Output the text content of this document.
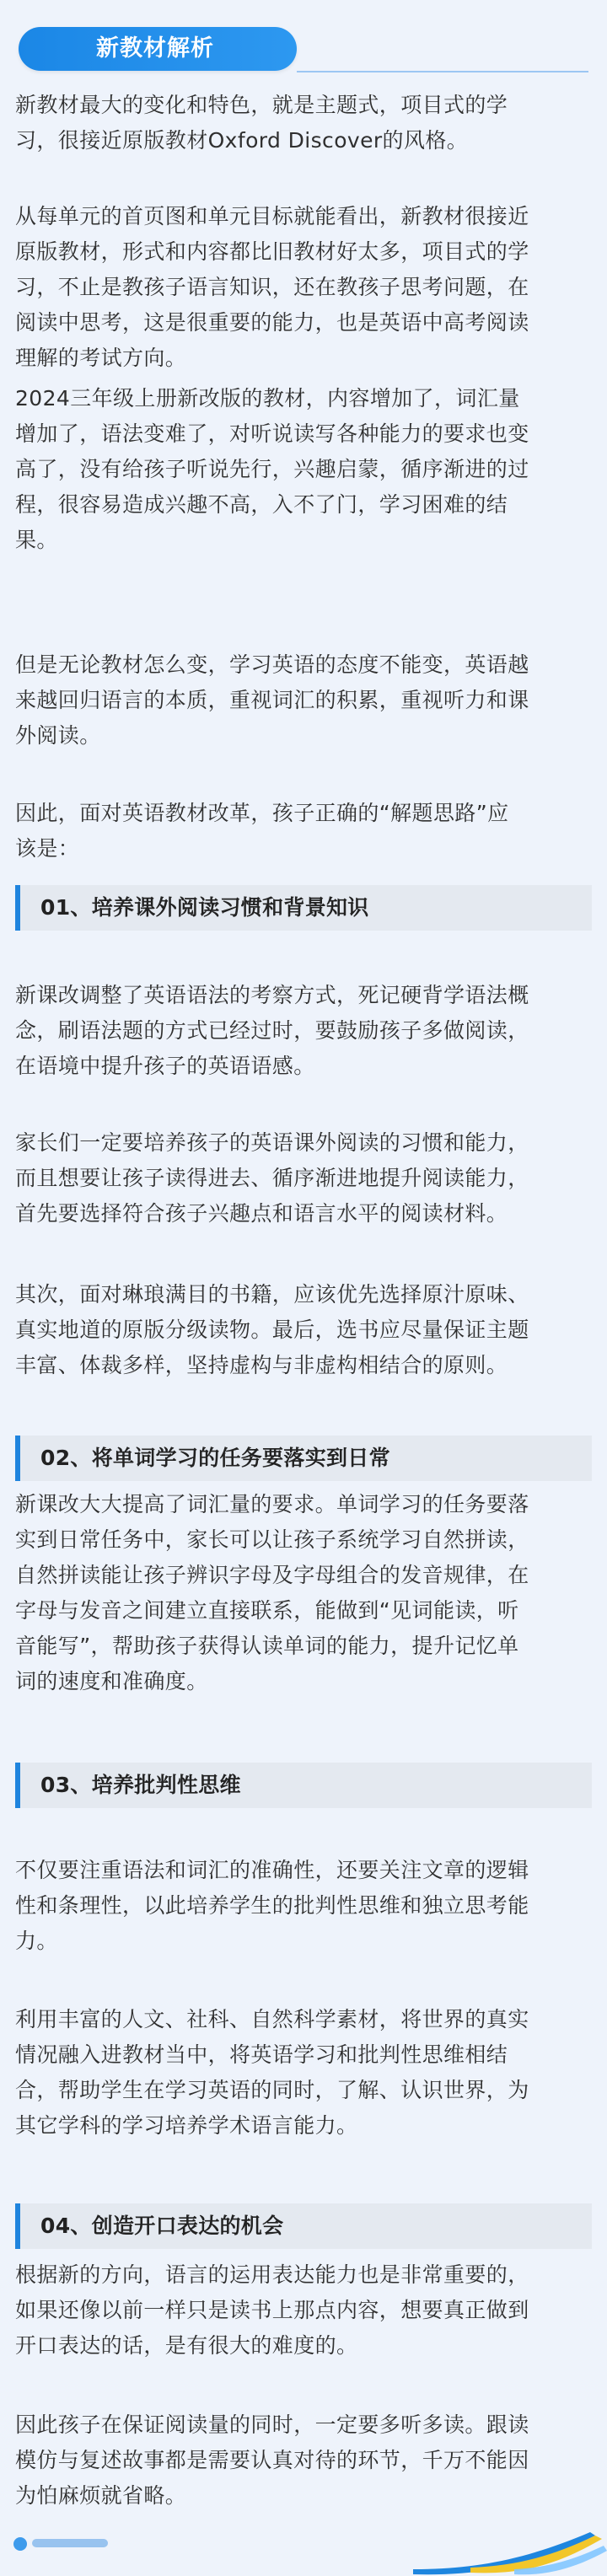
新教材解析
新教材最大的变化和特色，就是主题式，项目式的学
习，很接近原版教材Oxford Discover的风格。
从每单元的首页图和单元目标就能看出，新教材很接近
原版教材，形式和内容都比旧教材好太多，项目式的学
习，不止是教孩子语言知识，还在教孩子思考问题，在
阅读中思考，这是很重要的能力，也是英语中高考阅读
理解的考试方向。
2024三年级上册新改版的教材，内容增加了，词汇量
增加了，语法变难了，对听说读写各种能力的要求也变
高了，没有给孩子听说先行，兴趣启蒙，循序渐进的过
程，很容易造成兴趣不高，入不了门，学习困难的结
果。
但是无论教材怎么变，学习英语的态度不能变，英语越
来越回归语言的本质，重视词汇的积累，重视听力和课
外阅读。
因此，面对英语教材改革，孩子正确的“解题思路”应
该是：
01、培养课外阅读习惯和背景知识
新课改调整了英语语法的考察方式，死记硬背学语法概
念，刷语法题的方式已经过时，要鼓励孩子多做阅读，
在语境中提升孩子的英语语感。
家长们一定要培养孩子的英语课外阅读的习惯和能力，
而且想要让孩子读得进去、循序渐进地提升阅读能力，
首先要选择符合孩子兴趣点和语言水平的阅读材料。
其次，面对琳琅满目的书籍，应该优先选择原汁原味、
真实地道的原版分级读物。最后，选书应尽量保证主题
丰富、体裁多样，坚持虚构与非虚构相结合的原则。
02、将单词学习的任务要落实到日常
新课改大大提高了词汇量的要求。单词学习的任务要落
实到日常任务中，家长可以让孩子系统学习自然拼读，
自然拼读能让孩子辨识字母及字母组合的发音规律，在
字母与发音之间建立直接联系，能做到“见词能读，听
音能写”，帮助孩子获得认读单词的能力，提升记忆单
词的速度和准确度。
03、培养批判性思维
不仅要注重语法和词汇的准确性，还要关注文章的逻辑
性和条理性，以此培养学生的批判性思维和独立思考能
力。
利用丰富的人文、社科、自然科学素材，将世界的真实
情况融入进教材当中，将英语学习和批判性思维相结
合，帮助学生在学习英语的同时，了解、认识世界，为
其它学科的学习培养学术语言能力。
04、创造开口表达的机会
根据新的方向，语言的运用表达能力也是非常重要的，
如果还像以前一样只是读书上那点内容，想要真正做到
开口表达的话，是有很大的难度的。
因此孩子在保证阅读量的同时，一定要多听多读。跟读
模仿与复述故事都是需要认真对待的环节，千万不能因
为怕麻烦就省略。
